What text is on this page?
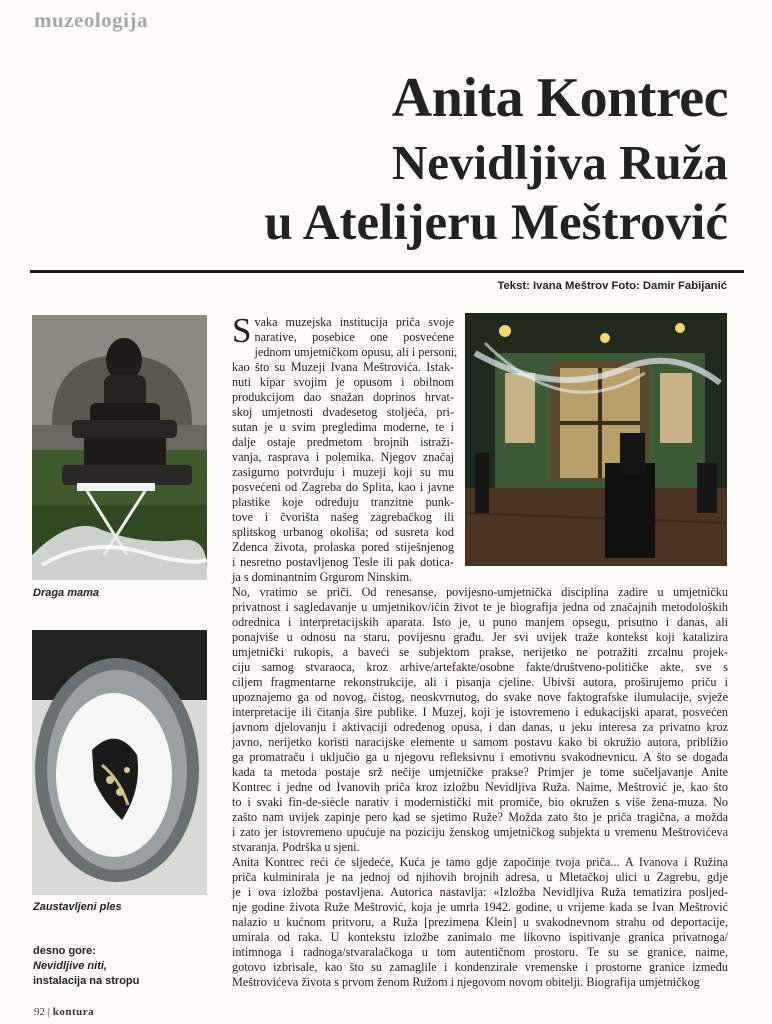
muzeologija
Anita Kontrec
Nevidljiva Ruža
u Atelijeru Meštrović
Tekst: Ivana Meštrov Foto: Damir Fabijanić
Draga mama
Zaustavljeni ples
desno gore:
Nevidljive niti,
instalacija na stropu
S vaka muzejska institucija priča svoje
narative, posebice one posvećene
jednom umjetničkom opusu, ali i personi,
kao što su Muzeji Ivana Meštrovića. Istak-
nuti kipar svojim je opusom i obilnom
produkcijom dao snažan doprinos hrvat-
skoj umjetnosti dvadesetog stoljeća, pri-
sutan je u svim pregledima moderne, te i
dalje ostaje predmetom brojnih istraži-
vanja, rasprava i polemika. Njegov značaj
zasigurno potvrđuju i muzeji koji su mu
posvećeni od Zagreba do Splita, kao i javne
plastike koje određuju tranzitne punk-
tove i čvorišta našeg zagrebačkog ili
splitskog urbanog okoliša; od susreta kod
Zdenca života, prolaska pored stiješnjenog
i nesretno postavljenog Tesle ili pak dotica-
ja s dominantnim Grgurom Ninskim.
No, vratimo se priči. Od renesanse, povijesno-umjetnička disciplina zadire u umjetničku
privatnost i sagledavanje u umjetnikov/ičin život te je biografija jedna od značajnih metodoloških
odrednica i interpretacijskih aparata. Isto je, u puno manjem opsegu, prisutno i danas, ali
ponajviše u odnosu na staru, povijesnu građu. Jer svi uvijek traže kontekst koji katalizira
umjetnički rukopis, a baveći se subjektom prakse, nerijetko ne potražiti zrcalnu projek-
ciju samog stvaraoca, kroz arhive/artefakte/osobne fakte/društveno-političke akte, sve s
ciljem fragmentarne rekonstrukcije, ali i pisanja cjeline. Ubivši autora, proširujemo priču i
upoznajemo ga od novog, čistog, neoskvrnutog, do svake nove faktografske ilumulacije, svježe
interpretacije ili čitanja šire publike. I Muzej, koji je istovremeno i edukacijski aparat, posvećen
javnom djelovanju i aktivaciji određenog opusa, i dan danas, u jeku interesa za privatno kroz
javno, nerijetko koristi naracijske elemente u samom postavu kako bi okružio autora, približio
ga promatraču i uključio ga u njegovu refleksivnu i emotivnu svakodnevnicu. A što se događa
kada ta metoda postaje srž nečije umjetničke prakse? Primjer je tome sučeljavanje Anite
Kontrec i jedne od Ivanovih priča kroz izložbu Nevidljiva Ruža. Naime, Meštrović je, kao što
to i svaki fin-de-siècle narativ i modernistički mit promiče, bio okružen s više žena-muza. No
zašto nam uvijek zapinje pero kad se sjetimo Ruže? Možda zato što je priča tragična, a možda
i zato jer istovremeno upućuje na poziciju ženskog umjetničkog subjekta u vremenu Meštrovićeva
stvaranja. Podrška u sjeni.
Anita Kontrec reći će sljedeće, Kuća je tamo gdje započinje tvoja priča... A Ivanova i Ružina
priča kulminirala je na jednoj od njihovih brojnih adresa, u Mletačkoj ulici u Zagrebu, gdje
je i ova izložba postavljena. Autorica nastavlja: «Izložba Nevidljiva Ruža tematizira posljed-
nje godine života Ruže Meštrović, koja je umrla 1942. godine, u vrijeme kada se Ivan Meštrović
nalazio u kućnom pritvoru, a Ruža [prezimena Klein] u svakodnevnom strahu od deportacije,
umirala od raka. U kontekstu izložbe zanimalo me likovno ispitivanje granica privatnoga/
intimnoga i radnoga/stvaralačkoga u tom autentičnom prostoru. Te su se granice, naime,
gotovo izbrisale, kao što su zamaglile i kondenzirale vremenske i prostorne granice između
Meštrovićeva života s prvom ženom Ružom i njegovom novom obitelji. Biografija umjetničkog
92 | kontura
